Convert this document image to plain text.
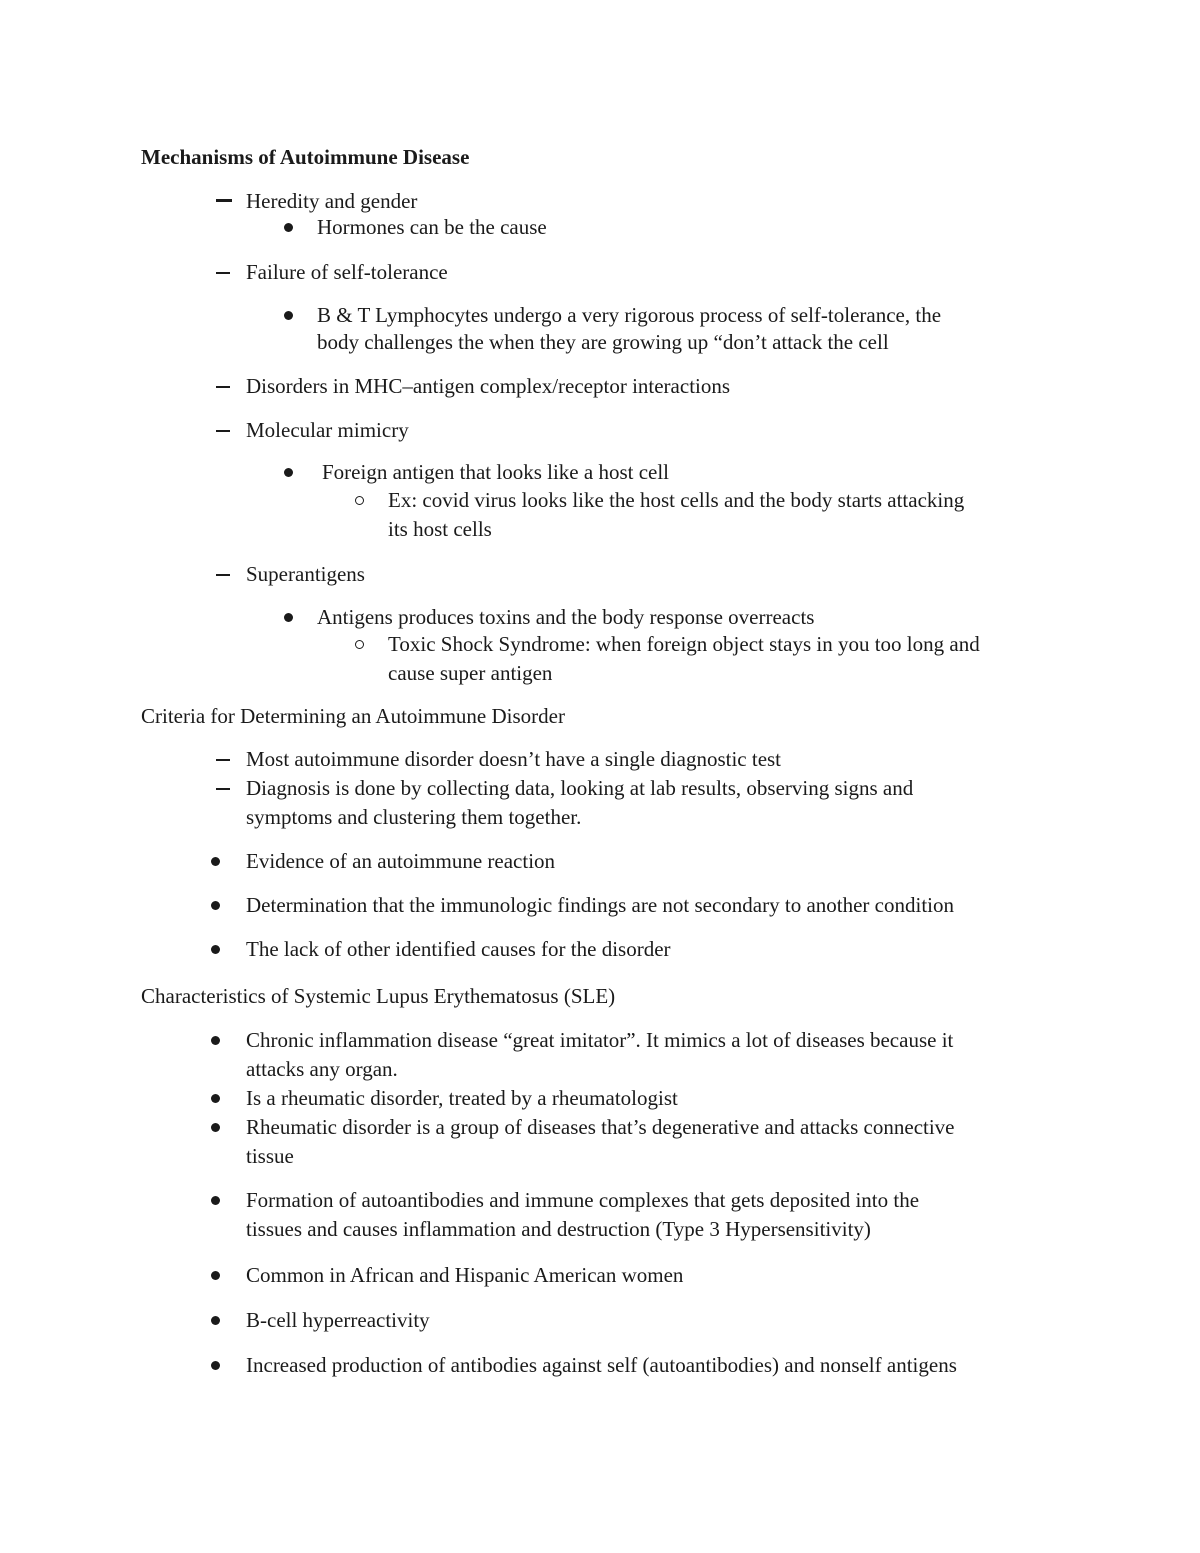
Mechanisms of Autoimmune Disease
Heredity and gender
Hormones can be the cause
Failure of self-tolerance
B & T Lymphocytes undergo a very rigorous process of self-tolerance, the
body challenges the when they are growing up “don’t attack the cell
Disorders in MHC–antigen complex/receptor interactions
Molecular mimicry
Foreign antigen that looks like a host cell
Ex: covid virus looks like the host cells and the body starts attacking
its host cells
Superantigens
Antigens produces toxins and the body response overreacts
Toxic Shock Syndrome: when foreign object stays in you too long and
cause super antigen
Criteria for Determining an Autoimmune Disorder
Most autoimmune disorder doesn’t have a single diagnostic test
Diagnosis is done by collecting data, looking at lab results, observing signs and
symptoms and clustering them together.
Evidence of an autoimmune reaction
Determination that the immunologic findings are not secondary to another condition
The lack of other identified causes for the disorder
Characteristics of Systemic Lupus Erythematosus (SLE)
Chronic inflammation disease “great imitator”. It mimics a lot of diseases because it
attacks any organ.
Is a rheumatic disorder, treated by a rheumatologist
Rheumatic disorder is a group of diseases that’s degenerative and attacks connective
tissue
Formation of autoantibodies and immune complexes that gets deposited into the
tissues and causes inflammation and destruction (Type 3 Hypersensitivity)
Common in African and Hispanic American women
B-cell hyperreactivity
Increased production of antibodies against self (autoantibodies) and nonself antigens
